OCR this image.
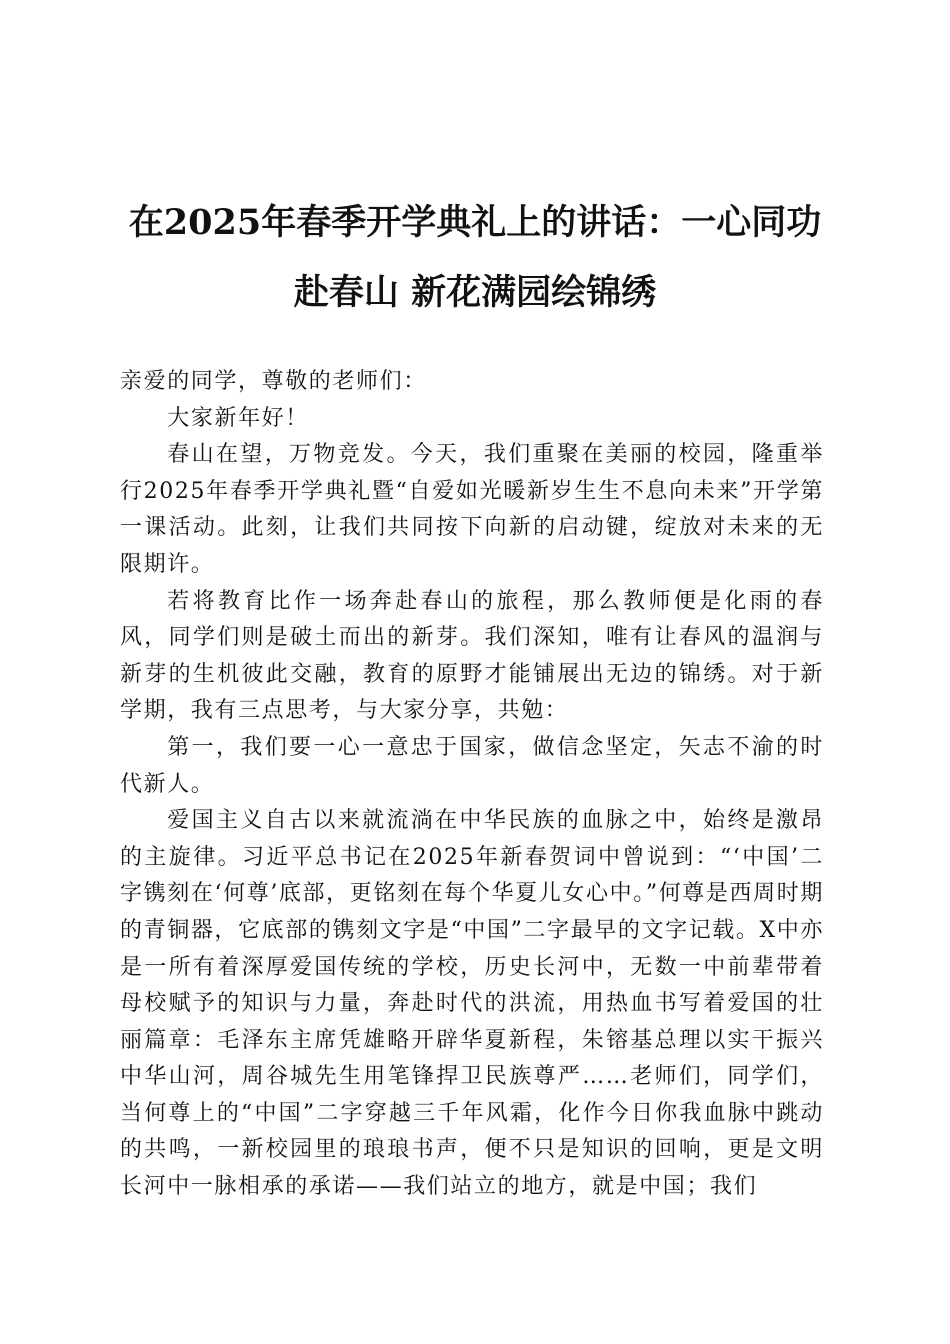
在2025年春季开学典礼上的讲话：一心同功
赴春山 新花满园绘锦绣

亲爱的同学，尊敬的老师们：

大家新年好！

春山在望，万物竞发。今天，我们重聚在美丽的校园，隆重举行2025年春季开学典礼暨“自爱如光暖新岁生生不息向未来”开学第一课活动。此刻，让我们共同按下向新的启动键，绽放对未来的无限期许。

若将教育比作一场奔赴春山的旅程，那么教师便是化雨的春风，同学们则是破土而出的新芽。我们深知，唯有让春风的温润与新芽的生机彼此交融，教育的原野才能铺展出无边的锦绣。对于新学期，我有三点思考，与大家分享，共勉：

第一，我们要一心一意忠于国家，做信念坚定，矢志不渝的时代新人。

爱国主义自古以来就流淌在中华民族的血脉之中，始终是激昂的主旋律。习近平总书记在2025年新春贺词中曾说到：“‘中国’二字镌刻在‘何尊’底部，更铭刻在每个华夏儿女心中。”何尊是西周时期的青铜器，它底部的镌刻文字是“中国”二字最早的文字记载。X中亦是一所有着深厚爱国传统的学校，历史长河中，无数一中前辈带着母校赋予的知识与力量，奔赴时代的洪流，用热血书写着爱国的壮丽篇章：毛泽东主席凭雄略开辟华夏新程，朱镕基总理以实干振兴中华山河，周谷城先生用笔锋捍卫民族尊严……老师们，同学们，当何尊上的“中国”二字穿越三千年风霜，化作今日你我血脉中跳动的共鸣，一新校园里的琅琅书声，便不只是知识的回响，更是文明长河中一脉相承的承诺——我们站立的地方，就是中国；我们
